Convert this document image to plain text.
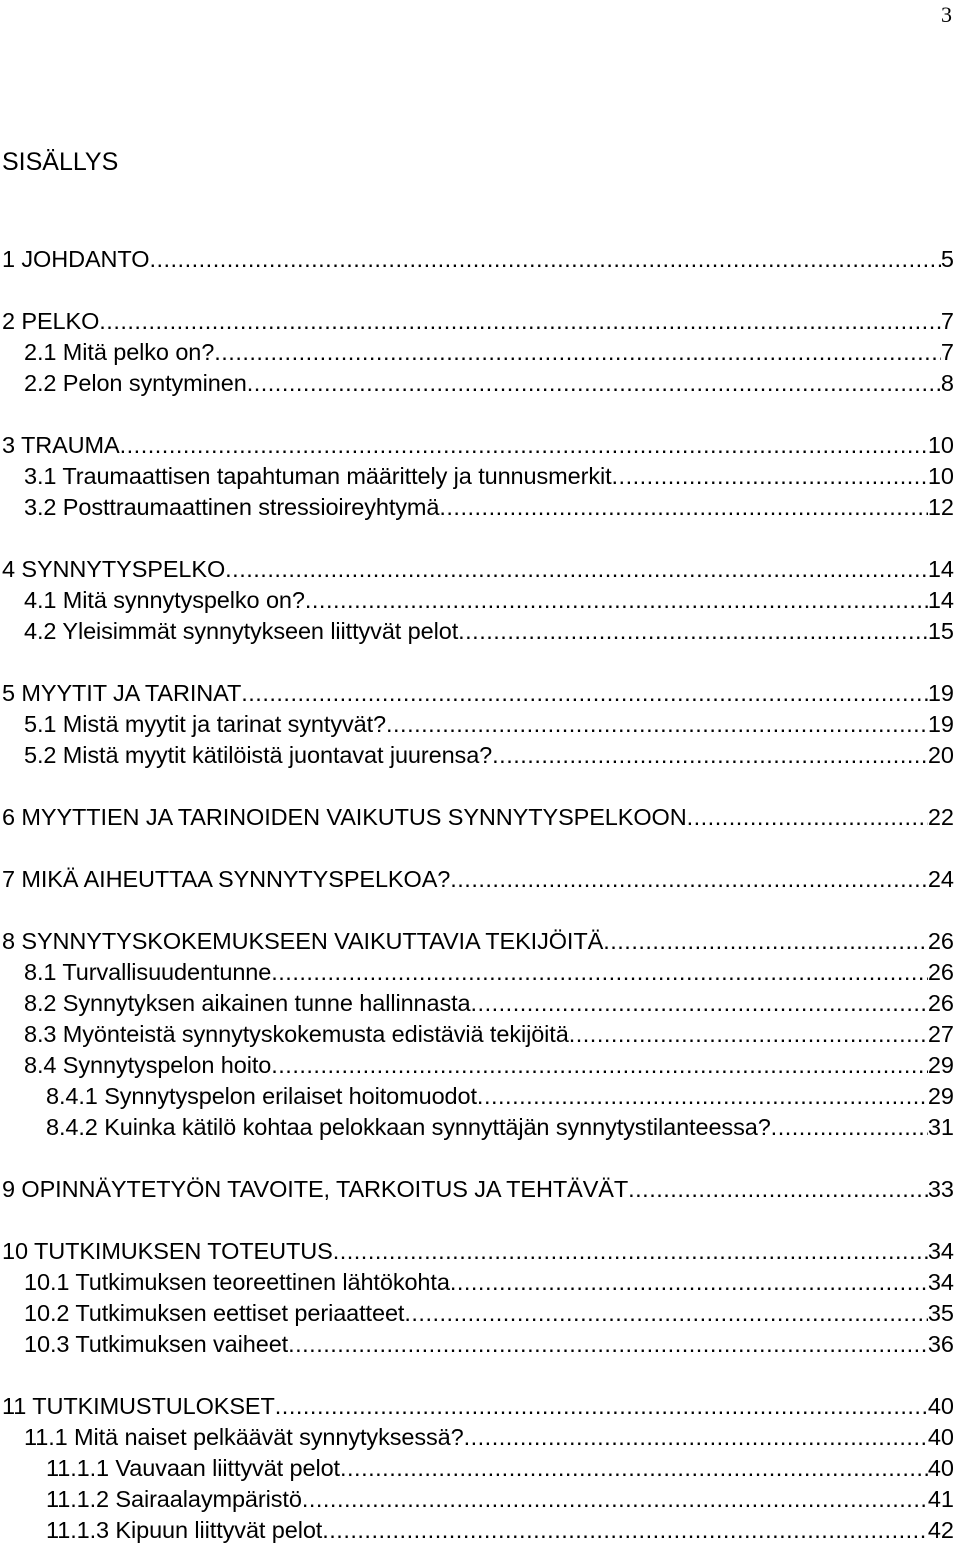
3
SISÄLLYS
1 JOHDANTO .....	5
2 PELKO .....	7
2.1 Mitä pelko on? .....	7
2.2 Pelon syntyminen .....	8
3 TRAUMA .....	10
3.1 Traumaattisen tapahtuman määrittely ja tunnusmerkit .....	10
3.2 Posttraumaattinen stressioireyhtymä .....	12
4 SYNNYTYSPELKO .....	14
4.1 Mitä synnytyspelko on? .....	14
4.2 Yleisimmät synnytykseen liittyvät pelot .....	15
5 MYYTIT JA TARINAT .....	19
5.1 Mistä myytit ja tarinat syntyvät? .....	19
5.2 Mistä myytit kätilöistä juontavat juurensa? .....	20
6 MYYTTIEN JA TARINOIDEN VAIKUTUS SYNNYTYSPELKOON .....	22
7 MIKÄ AIHEUTTAA SYNNYTYSPELKOA? .....	24
8 SYNNYTYSKOKEMUKSEEN VAIKUTTAVIA TEKIJÖITÄ .....	26
8.1 Turvallisuudentunne .....	26
8.2 Synnytyksen aikainen tunne hallinnasta .....	26
8.3 Myönteistä synnytyskokemusta edistäviä tekijöitä .....	27
8.4 Synnytyspelon hoito .....	29
8.4.1 Synnytyspelon erilaiset hoitomuodot .....	29
8.4.2 Kuinka kätilö kohtaa pelokkaan synnyttäjän synnytystilanteessa? .....	31
9 OPINNÄYTETYÖN TAVOITE, TARKOITUS JA TEHTÄVÄT .....	33
10 TUTKIMUKSEN TOTEUTUS .....	34
10.1 Tutkimuksen teoreettinen lähtökohta .....	34
10.2 Tutkimuksen eettiset periaatteet .....	35
10.3 Tutkimuksen vaiheet .....	36
11 TUTKIMUSTULOKSET .....	40
11.1 Mitä naiset pelkäävät synnytyksessä? .....	40
11.1.1 Vauvaan liittyvät pelot .....	40
11.1.2 Sairaalaympäristö .....	41
11.1.3 Kipuun liittyvät pelot .....	42
